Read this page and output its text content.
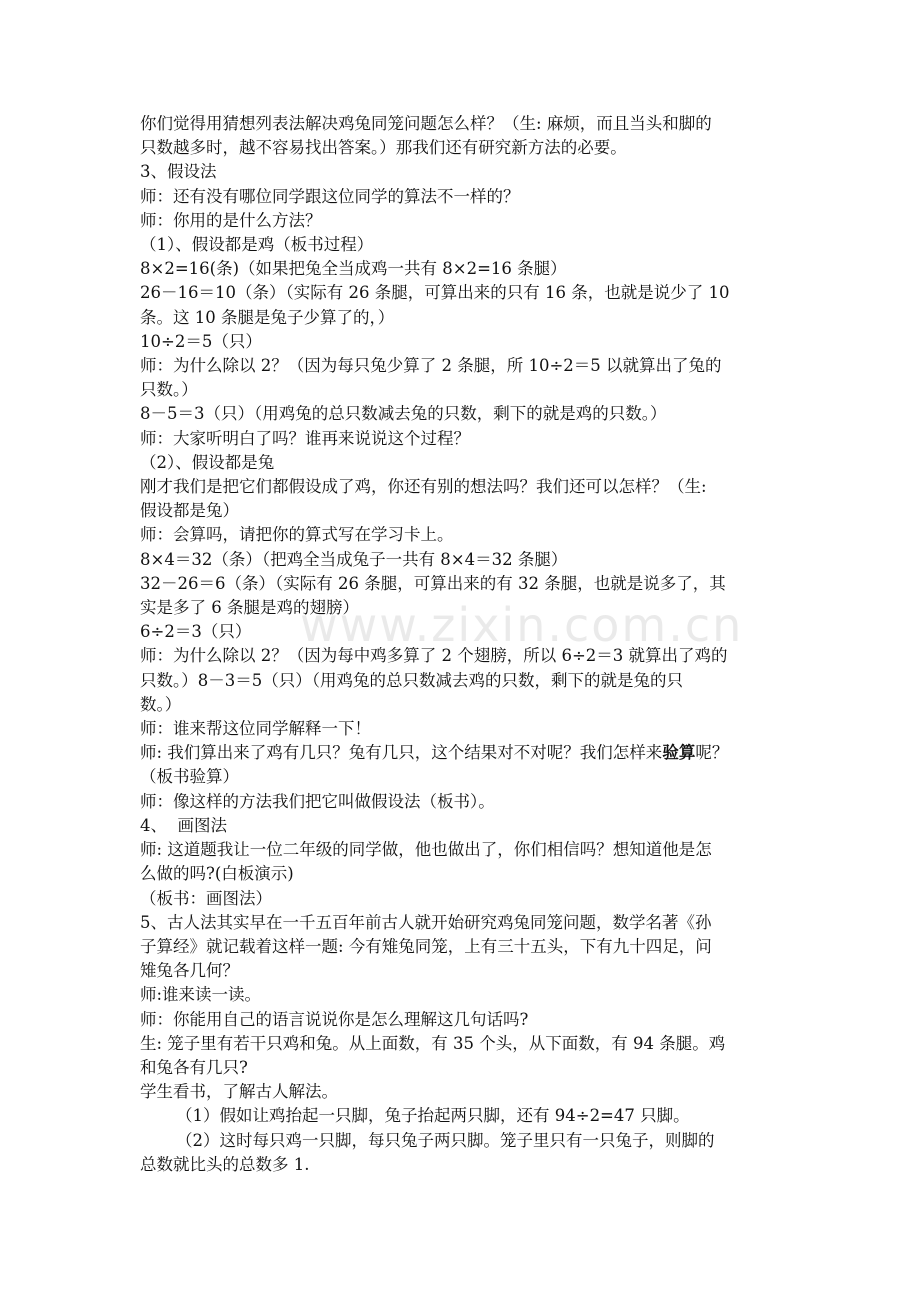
www.zixin.com.cn

你们觉得用猜想列表法解决鸡兔同笼问题怎么样？（生: 麻烦，而且当头和脚的

只数越多时，越不容易找出答案。）那我们还有研究新方法的必要。

3、假设法

师：还有没有哪位同学跟这位同学的算法不一样的？

师：你用的是什么方法？

（1）、假设都是鸡（板书过程）

8×2=16(条)（如果把兔全当成鸡一共有 8×2=16 条腿）

26－16＝10（条）（实际有 26 条腿，可算出来的只有 16 条，也就是说少了 10

条。这 10 条腿是兔子少算了的，）

10÷2＝5（只）

师：为什么除以 2？（因为每只兔少算了 2 条腿，所 10÷2＝5 以就算出了兔的

只数。）

8－5＝3（只）（用鸡兔的总只数减去兔的只数，剩下的就是鸡的只数。）

师：大家听明白了吗？谁再来说说这个过程？

（2）、假设都是兔

刚才我们是把它们都假设成了鸡，你还有别的想法吗？我们还可以怎样？（生:

假设都是兔）

师：会算吗，请把你的算式写在学习卡上。

8×4＝32（条）（把鸡全当成兔子一共有 8×4＝32 条腿）

32－26＝6（条）（实际有 26 条腿，可算出来的有 32 条腿，也就是说多了，其

实是多了 6 条腿是鸡的翅膀）

6÷2＝3（只）

师：为什么除以 2？（因为每中鸡多算了 2 个翅膀，所以 6÷2＝3 就算出了鸡的

只数。）8－3＝5（只）（用鸡兔的总只数减去鸡的只数，剩下的就是兔的只

数。）

师：谁来帮这位同学解释一下！

师: 我们算出来了鸡有几只？兔有几只，这个结果对不对呢？我们怎样来验算呢？

（板书验算）

师：像这样的方法我们把它叫做假设法（板书）。

4、  画图法

师: 这道题我让一位二年级的同学做，他也做出了，你们相信吗？想知道他是怎

么做的吗?(白板演示)

（板书：画图法）

5、古人法其实早在一千五百年前古人就开始研究鸡兔同笼问题，数学名著《孙

子算经》就记载着这样一题: 今有雉兔同笼，上有三十五头，下有九十四足，问

雉兔各几何？

师:谁来读一读。

师：你能用自己的语言说说你是怎么理解这几句话吗?

生: 笼子里有若干只鸡和兔。从上面数，有 35 个头，从下面数，有 94 条腿。鸡

和兔各有几只?

学生看书，了解古人解法。

（1）假如让鸡抬起一只脚，兔子抬起两只脚，还有 94÷2=47 只脚。

（2）这时每只鸡一只脚，每只兔子两只脚。笼子里只有一只兔子，则脚的

总数就比头的总数多 1.
